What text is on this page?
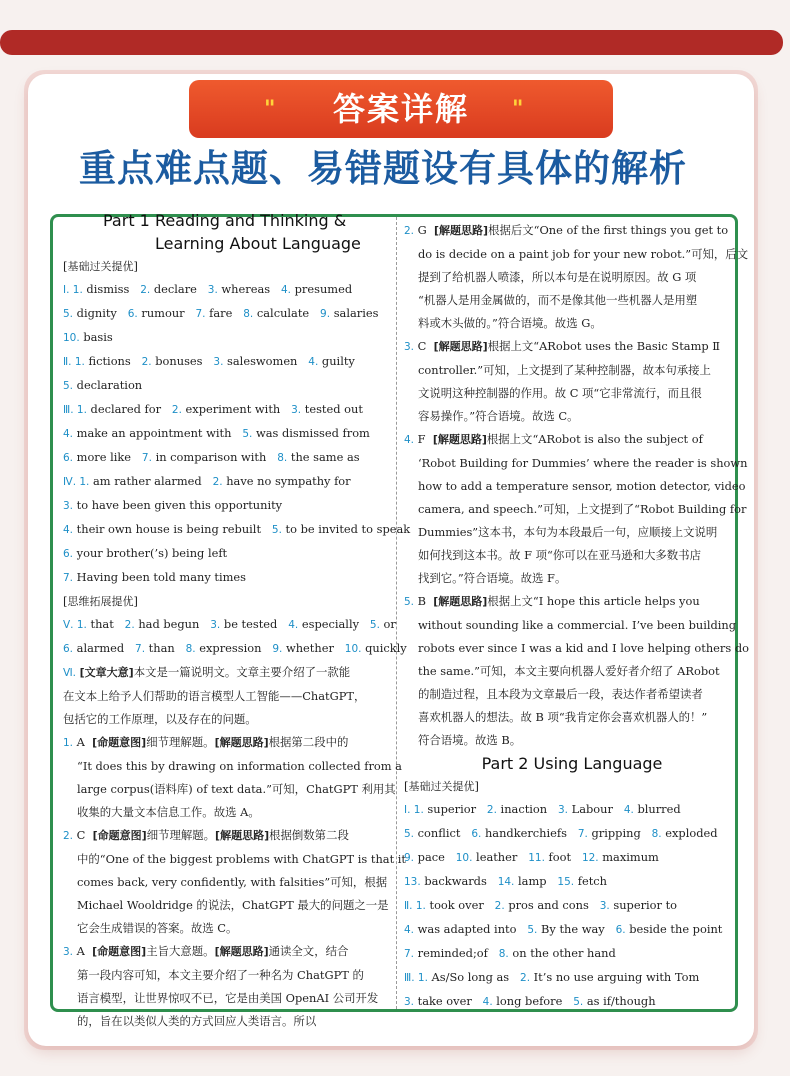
答案详解
"	"
重点难点题、易错题设有具体的解析
Part 1 Reading and Thinking &
Learning About Language
[基础过关提优]
Ⅰ. 1. dismiss 2. declare 3. whereas 4. presumed
5. dignity 6. rumour 7. fare 8. calculate 9. salaries
10. basis
Ⅱ. 1. fictions 2. bonuses 3. saleswomen 4. guilty
5. declaration
Ⅲ. 1. declared for 2. experiment with 3. tested out
4. make an appointment with 5. was dismissed from
6. more like 7. in comparison with 8. the same as
Ⅳ. 1. am rather alarmed 2. have no sympathy for
3. to have been given this opportunity
4. their own house is being rebuilt 5. to be invited to speak
6. your brother(’s) being left
7. Having been told many times
[思维拓展提优]
Ⅴ. 1. that 2. had begun 3. be tested 4. especially 5. or
6. alarmed 7. than 8. expression 9. whether 10. quickly
Ⅵ. [文章大意]本文是一篇说明文。文章主要介绍了一款能
在文本上给予人们帮助的语言模型人工智能——ChatGPT，
包括它的工作原理，以及存在的问题。
1. A [命题意图]细节理解题。[解题思路]根据第二段中的
“It does this by drawing on information collected from a
large corpus(语料库) of text data.”可知，ChatGPT 利用其
收集的大量文本信息工作。故选 A。
2. C [命题意图]细节理解题。[解题思路]根据倒数第二段
中的“One of the biggest problems with ChatGPT is that it
comes back, very confidently, with falsities”可知，根据
Michael Wooldridge 的说法，ChatGPT 最大的问题之一是
它会生成错误的答案。故选 C。
3. A [命题意图]主旨大意题。[解题思路]通读全文，结合
第一段内容可知，本文主要介绍了一种名为 ChatGPT 的
语言模型，让世界惊叹不已，它是由美国 OpenAI 公司开发
的，旨在以类似人类的方式回应人类语言。所以
2. G [解题思路]根据后文“One of the first things you get to
do is decide on a paint job for your new robot.”可知，后文
提到了给机器人喷漆，所以本句是在说明原因。故 G 项
“机器人是用金属做的，而不是像其他一些机器人是用塑
料或木头做的。”符合语境。故选 G。
3. C [解题思路]根据上文“ARobot uses the Basic Stamp Ⅱ
controller.”可知，上文提到了某种控制器，故本句承接上
文说明这种控制器的作用。故 C 项“它非常流行，而且很
容易操作。”符合语境。故选 C。
4. F [解题思路]根据上文“ARobot is also the subject of
‘Robot Building for Dummies’ where the reader is shown
how to add a temperature sensor, motion detector, video
camera, and speech.”可知，上文提到了“Robot Building for
Dummies”这本书，本句为本段最后一句，应顺接上文说明
如何找到这本书。故 F 项“你可以在亚马逊和大多数书店
找到它。”符合语境。故选 F。
5. B [解题思路]根据上文“I hope this article helps you
without sounding like a commercial. I’ve been building
robots ever since I was a kid and I love helping others do
the same.”可知，本文主要向机器人爱好者介绍了 ARobot
的制造过程，且本段为文章最后一段，表达作者希望读者
喜欢机器人的想法。故 B 项“我肯定你会喜欢机器人的！”
符合语境。故选 B。
Part 2 Using Language
[基础过关提优]
Ⅰ. 1. superior 2. inaction 3. Labour 4. blurred
5. conflict 6. handkerchiefs 7. gripping 8. exploded
9. pace 10. leather 11. foot 12. maximum
13. backwards 14. lamp 15. fetch
Ⅱ. 1. took over 2. pros and cons 3. superior to
4. was adapted into 5. By the way 6. beside the point
7. reminded;of 8. on the other hand
Ⅲ. 1. As/So long as 2. It’s no use arguing with Tom
3. take over 4. long before 5. as if/though
